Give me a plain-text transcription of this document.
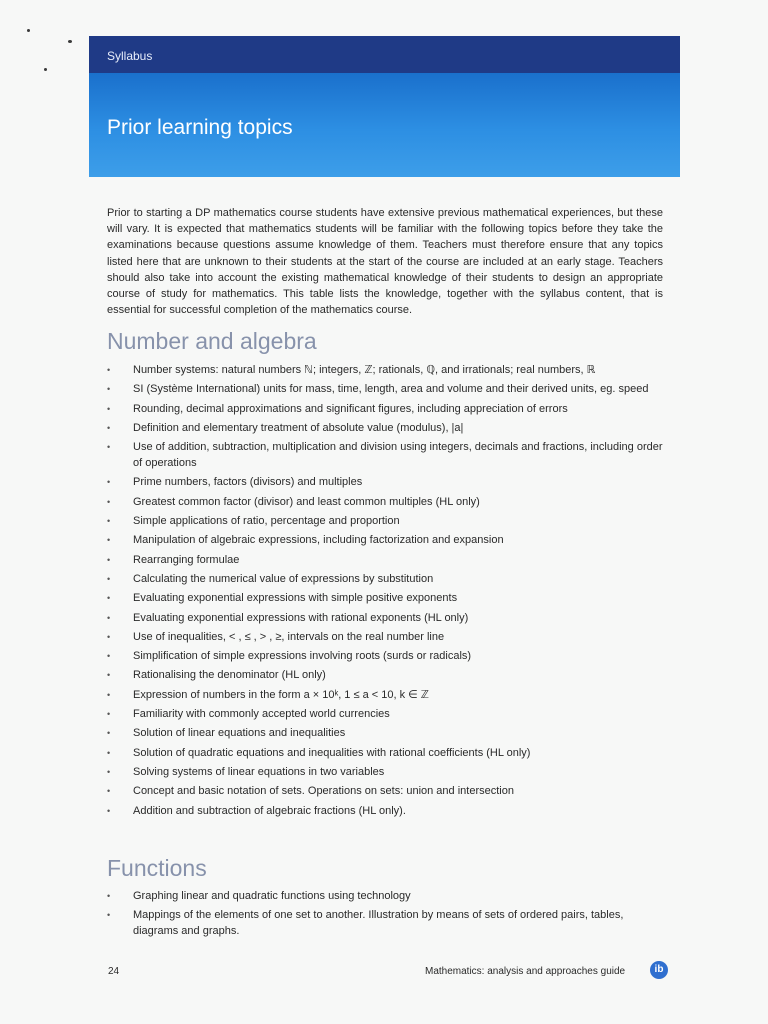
Syllabus
Prior learning topics

Prior to starting a DP mathematics course students have extensive previous mathematical experiences, but these will vary. It is expected that mathematics students will be familiar with the following topics before they take the examinations because questions assume knowledge of them. Teachers must therefore ensure that any topics listed here that are unknown to their students at the start of the course are included at an early stage. Teachers should also take into account the existing mathematical knowledge of their students to design an appropriate course of study for mathematics. This table lists the knowledge, together with the syllabus content, that is essential for successful completion of the mathematics course.

Number and algebra
• Number systems: natural numbers ℕ; integers, ℤ; rationals, ℚ, and irrationals; real numbers, ℝ
• SI (Système International) units for mass, time, length, area and volume and their derived units, eg. speed
• Rounding, decimal approximations and significant figures, including appreciation of errors
• Definition and elementary treatment of absolute value (modulus), |a|
• Use of addition, subtraction, multiplication and division using integers, decimals and fractions, including order of operations
• Prime numbers, factors (divisors) and multiples
• Greatest common factor (divisor) and least common multiples (HL only)
• Simple applications of ratio, percentage and proportion
• Manipulation of algebraic expressions, including factorization and expansion
• Rearranging formulae
• Calculating the numerical value of expressions by substitution
• Evaluating exponential expressions with simple positive exponents
• Evaluating exponential expressions with rational exponents (HL only)
• Use of inequalities, < , ≤ , > , ≥, intervals on the real number line
• Simplification of simple expressions involving roots (surds or radicals)
• Rationalising the denominator (HL only)
• Expression of numbers in the form a × 10ᵏ, 1 ≤ a < 10, k ∈ ℤ
• Familiarity with commonly accepted world currencies
• Solution of linear equations and inequalities
• Solution of quadratic equations and inequalities with rational coefficients (HL only)
• Solving systems of linear equations in two variables
• Concept and basic notation of sets. Operations on sets: union and intersection
• Addition and subtraction of algebraic fractions (HL only).
Functions
• Graphing linear and quadratic functions using technology
• Mappings of the elements of one set to another. Illustration by means of sets of ordered pairs, tables, diagrams and graphs.
24	Mathematics: analysis and approaches guide	ib
